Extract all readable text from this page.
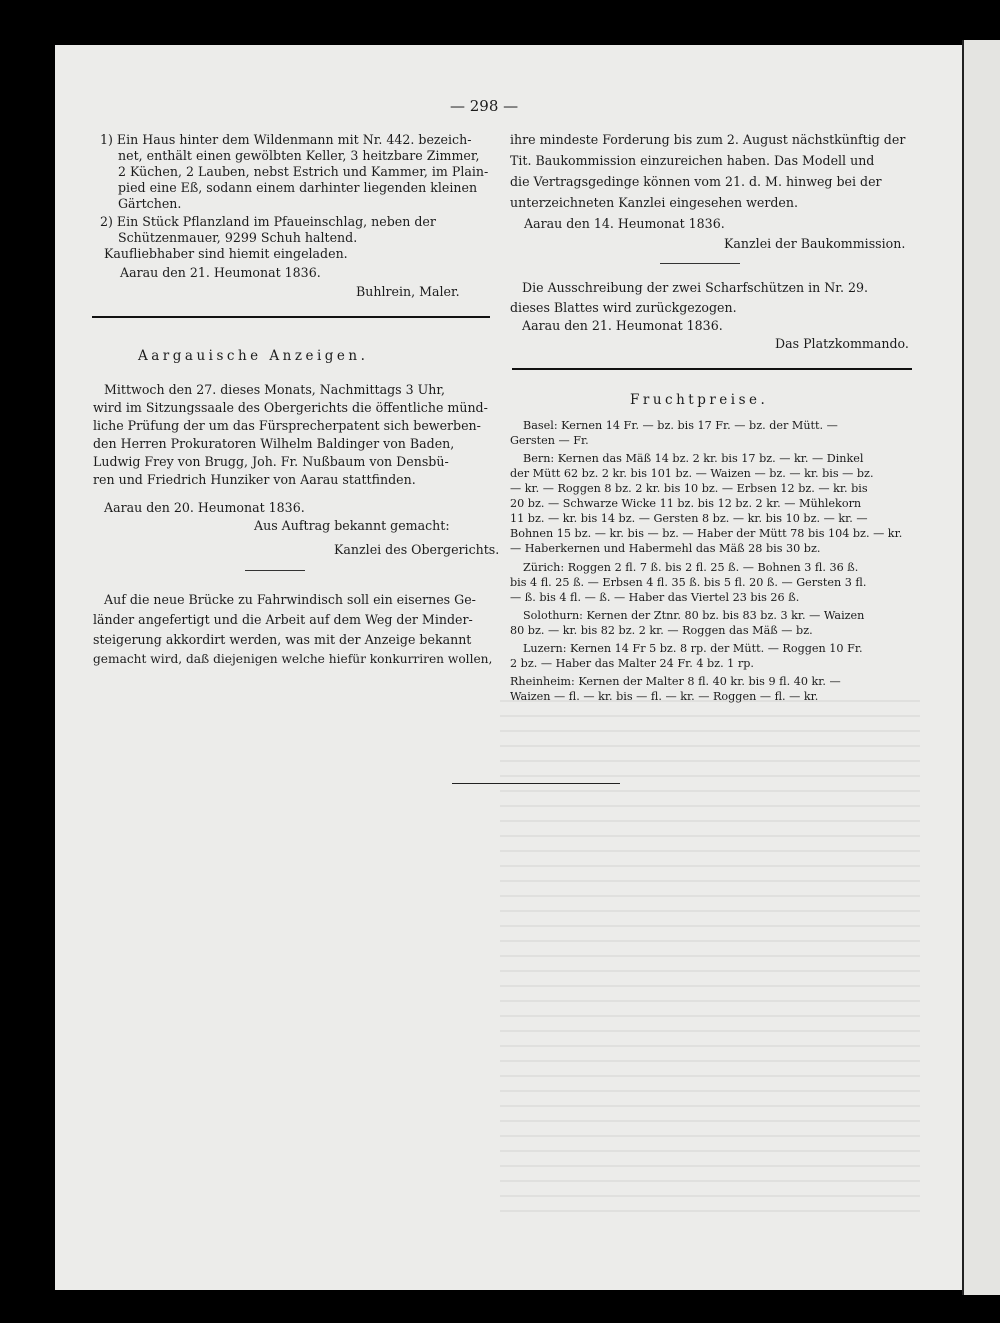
— 298 —
1) Ein Haus hinter dem Wildenmann mit Nr. 442. bezeich-
net, enthält einen gewölbten Keller, 3 heitzbare Zimmer,
2 Küchen, 2 Lauben, nebst Estrich und Kammer, im Plain-
pied eine Eß, sodann einem darhinter liegenden kleinen
Gärtchen.
2) Ein Stück Pflanzland im Pfaueinschlag, neben der
Schützenmauer, 9299 Schuh haltend.
Kaufliebhaber sind hiemit eingeladen.
Aarau den 21. Heumonat 1836.
Buhlrein, Maler.
Aargauische Anzeigen.
Mittwoch den 27. dieses Monats, Nachmittags 3 Uhr,
wird im Sitzungssaale des Obergerichts die öffentliche münd-
liche Prüfung der um das Fürsprecherpatent sich bewerben-
den Herren Prokuratoren Wilhelm Baldinger von Baden,
Ludwig Frey von Brugg, Joh. Fr. Nußbaum von Densbü-
ren und Friedrich Hunziker von Aarau stattfinden.
Aarau den 20. Heumonat 1836.
Aus Auftrag bekannt gemacht:
Kanzlei des Obergerichts.
Auf die neue Brücke zu Fahrwindisch soll ein eisernes Ge-
länder angefertigt und die Arbeit auf dem Weg der Minder-
steigerung akkordirt werden, was mit der Anzeige bekannt
gemacht wird, daß diejenigen welche hiefür konkurriren wollen,
ihre mindeste Forderung bis zum 2. August nächstkünftig der
Tit. Baukommission einzureichen haben. Das Modell und
die Vertragsgedinge können vom 21. d. M. hinweg bei der
unterzeichneten Kanzlei eingesehen werden.
Aarau den 14. Heumonat 1836.
Kanzlei der Baukommission.
Die Ausschreibung der zwei Scharfschützen in Nr. 29.
dieses Blattes wird zurückgezogen.
Aarau den 21. Heumonat 1836.
Das Platzkommando.
Fruchtpreise.
Basel: Kernen 14 Fr. — bz. bis 17 Fr. — bz. der Mütt. —
Gersten — Fr.
Bern: Kernen das Mäß 14 bz. 2 kr. bis 17 bz. — kr. — Dinkel
der Mütt 62 bz. 2 kr. bis 101 bz. — Waizen — bz. — kr. bis — bz.
— kr. — Roggen 8 bz. 2 kr. bis 10 bz. — Erbsen 12 bz. — kr. bis
20 bz. — Schwarze Wicke 11 bz. bis 12 bz. 2 kr. — Mühlekorn
11 bz. — kr. bis 14 bz. — Gersten 8 bz. — kr. bis 10 bz. — kr. —
Bohnen 15 bz. — kr. bis — bz. — Haber der Mütt 78 bis 104 bz. — kr.
— Haberkernen und Habermehl das Mäß 28 bis 30 bz.
Zürich: Roggen 2 fl. 7 ß. bis 2 fl. 25 ß. — Bohnen 3 fl. 36 ß.
bis 4 fl. 25 ß. — Erbsen 4 fl. 35 ß. bis 5 fl. 20 ß. — Gersten 3 fl.
— ß. bis 4 fl. — ß. — Haber das Viertel 23 bis 26 ß.
Solothurn: Kernen der Ztnr. 80 bz. bis 83 bz. 3 kr. — Waizen
80 bz. — kr. bis 82 bz. 2 kr. — Roggen das Mäß — bz.
Luzern: Kernen 14 Fr 5 bz. 8 rp. der Mütt. — Roggen 10 Fr.
2 bz. — Haber das Malter 24 Fr. 4 bz. 1 rp.
Rheinheim: Kernen der Malter 8 fl. 40 kr. bis 9 fl. 40 kr. —
Waizen — fl. — kr. bis — fl. — kr. — Roggen — fl. — kr.
